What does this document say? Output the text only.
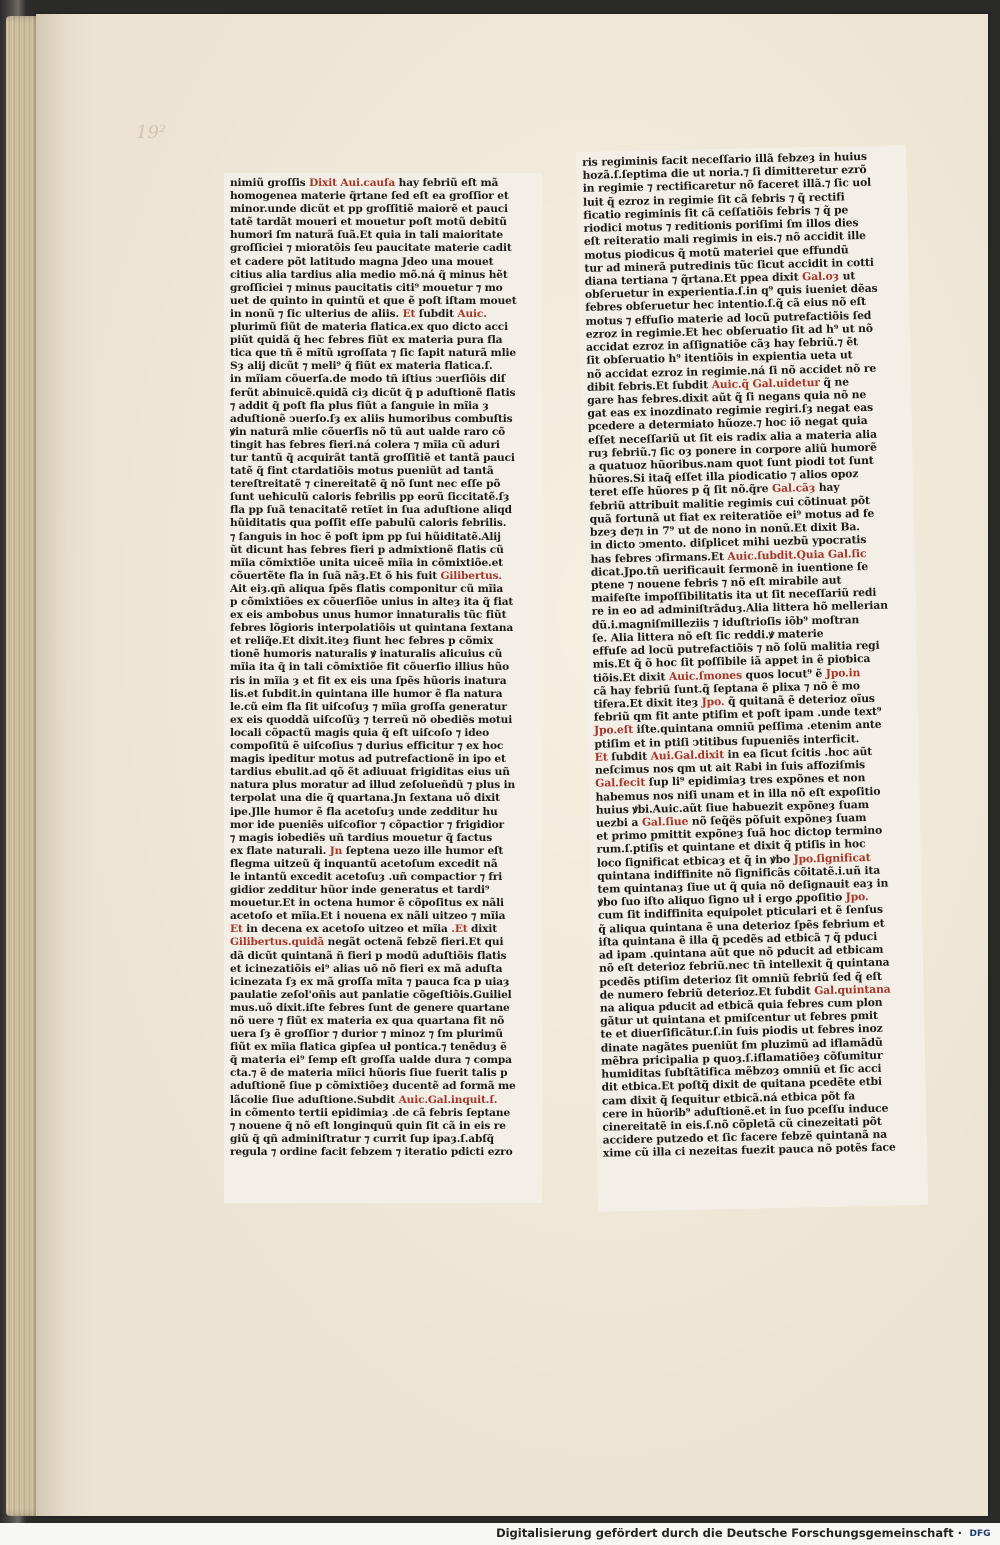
19²
nimiũ groſſis Dixit Aui.cauſa hay febriũ eſt mã
homogenea materie q̃rtane ſed eſt ea groſſior et
minor.unde dicũt et pp groſſitiẽ maiorẽ et pauci
tatẽ tardãt moueri et mouetur poſt motũ debitũ
humori ſm naturã ſuã.Et quia in tali maioritate
groſſiciei ⁊ mioratõis ſeu paucitate materie cadit
et cadere põt latitudo magna Jdeo una mouet
citius alia tardius alia medio mõ.ná q̃ minus hẽt
groſſiciei ⁊ minus paucitatis citi⁹ mouetur ⁊ mo
uet de quinto in quintũ et que ẽ poſt iſtam mouet
in nonũ ⁊ ſic ulterius de aliis. Et ſubdit Auic.
plurimũ fiũt de materia flatica.ex quo dicto acci
piũt quidã q̃ hec febres fiũt ex materia pura fla
tica que tñ ẽ mĩtũ ıgroſſata ⁊ ſic ſapit naturã mlie
Sȝ alij dicũt ⁊ meli⁹ q̃ fiũt ex materia flatica.ſ.
in mĩiam cõuerſa.de modo tñ iſtius ↄuerſiõis diſ
ferũt abinuicẽ.quidã ciȝ dicũt q̃ p aduſtionẽ flatis
⁊ addit q̃ poſt fla plus fiũt a ſanguie in mĩia ȝ
aduſtionẽ ↄuerſo.ſȝ ex aliis humoribus combuſtis
ꝟin naturã mlie cõuerſis nõ tũ aut ualde raro cõ
tingit has febres fieri.ná colera ⁊ mĩia cũ aduri
tur tantũ q̃ acquirãt tantã groſſitiẽ et tantã pauci
tatẽ q̃ fint ctardatiõis motus pueniũt ad tantã
tereſtreitatẽ ⁊ cinereitatẽ q̃ nõ ſunt nec eſſe põ
ſunt ueħiculũ caloris febrilis pp eorũ ſiccitatẽ.ſȝ
fla pp ſuã tenacitatẽ retĩet in ſua aduſtione aliqd
hũiditatis qua poſſit eſſe pabulũ caloris febrilis.
⁊ ſanguis in hoc ẽ poſt ipm pp ſui hũiditatẽ.Alij
ũt dicunt has febres fieri p admixtionẽ flatis cũ
mĩia cõmixtiõe unita uiceẽ mĩia in cõmixtiõe.et
cõuertẽte fla in ſuã nãȝ.Et õ his fuit Gilibertus.
Ait eiȝ.qñ aliqua ſpẽs flatis componitur cũ mĩia
p cõmixtiões ex cõuerſiõe unius in alteȝ ita q̃ fiat
ex eis ambobus unus humor innaturalis tũc fiũt
febres lõgioris interpolatiõis ut quintana ſextana
et reliq̃e.Et dixit.iteȝ fiunt hec febres p cõmix
tionẽ humoris naturalis ꝟ inaturalis alicuius cũ
mĩia ita q̃ in tali cõmixtiõe fit cõuerſio illius hũo
ris in mĩia ȝ et fit ex eis una ſpẽs hũoris inatura
lis.et ſubdit.in quintana ille humor ẽ fla natura
le.cũ eim fla ſit uiſcoſuȝ ⁊ mĩia groſſa generatur
ex eis quoddã uiſcoſũȝ ⁊ terreũ nõ obediẽs motui
locali cõpactũ magis quia q̃ eſt uiſcoſo ⁊ ideo
compoſitũ ẽ uiſcoſius ⁊ durius efficitur ⁊ ex hoc
magis ipeditur motus ad putrefactionẽ in ipo et
tardius ebulit.ad qõ ẽt adiuuat frigiditas eius uñ
natura plus moratur ad illud zeſolueñdũ ⁊ plus in
terpolat una die q̃ quartana.Jn ſextana uõ dixit
ipe.Jlle humor ẽ fla acetoſuȝ unde zedditur hu
mor ide pueniẽs uiſcoſior ⁊ cõpactior ⁊ frigidior
⁊ magis iobediẽs uñ tardius mouetur q̃ factus
ex flate naturali. Jn ſeptena uezo ille humor eſt
flegma uitzeũ q̃ inquantũ acetoſum excedit nã
le intantũ excedit acetoſuȝ .uñ compactior ⁊ fri
gidior zedditur hũor inde generatus et tardi⁹
mouetur.Et in octena humor ẽ cõpoſitus ex nãli
acetoſo et mĩia.Et i nouena ex nãli uitzeo ⁊ mĩia
Et in decena ex acetoſo uitzeo et mĩia .Et dixit
Gilibertus.quidã negãt octenã febzẽ fieri.Et qui
dã dicũt quintanã ñ fieri p modũ aduſtiõis flatis
et icinezatiõis ei⁹ alias uõ nõ fieri ex mã aduſta
icinezata ſȝ ex mã groſſa mĩta ⁊ pauca fca p uiaȝ
paulatie zeſol'oñis aut panlatie cõgeſtiõis.Guiliel
mus.uõ dixit.iſte febres ſunt de genere quartane
nõ uere ⁊ fiũt ex materia ex qua quartana fit nõ
uera ſȝ ẽ groſſior ⁊ durior ⁊ minoz ⁊ ſm plurimũ
fiũt ex mĩia flatica gipſea uł pontica.⁊ tenẽduȝ ẽ
q̃ materia ei⁹ ſemp eſt groſſa ualde dura ⁊ compa
cta.⁊ ẽ de materia mĩici hũoris ſiue fuerit talis p
aduſtionẽ ſiue p cõmixtiõeȝ ducentẽ ad formã me
lãcolie ſiue aduſtione.Subdit Auic.Gal.inquit.ſ.
in cõmento tertii epidimiaȝ .de cã febris ſeptane
⁊ nouene q̃ nõ eſt longinquũ quin ſit cã in eis re
giũ q̃ qñ adminiſtratur ⁊ currit ſup ipaȝ.ſ.abſq̃
regula ⁊ ordine facit febzem ⁊ iteratio pdicti ezro
ris regiminis facit neceſſario illã febzeȝ in huius
hozã.ſ.ſeptima die ut noria.⁊ ſi dimitteretur ezrõ
in regimie ⁊ rectificaretur nõ faceret illã.⁊ ſic uol
luit q̃ ezroz in regimie ſit cã febris ⁊ q̃ rectifi
ficatio regiminis ſit cã ceſſatiõis febris ⁊ q̃ pe
riodici motus ⁊ reditionis poriſimi ſm illos dies
eſt reiteratio mali regimis in eis.⁊ nõ accidit ille
motus piodicus q̃ motũ materiei que effundũ
tur ad minerã putredinis tũc ſicut accidit in cotti
diana tertiana ⁊ q̃rtana.Et ppea dixit Gal.oȝ ut
obſeruetur in experientia.ſ.in q⁹ quis iueniet dẽas
febres obſeruetur hec intentio.ſ.q̃ cã eius nõ eſt
motus ⁊ effuſio materie ad locũ putrefactiõis ſed
ezroz in regimie.Et hec obſeruatio ſit ad h⁹ ut nõ
accidat ezroz in aſſignatiõe cãȝ hay febriũ.⁊ ẽt
ſit obſeruatio h⁹ itentiõis in expientia ueta ut
nõ accidat ezroz in regimie.ná ſi nõ accidet nõ re
dibit febris.Et ſubdit Auic.q̃ Gal.uidetur q̃ ne
gare has febres.dixit aũt q̃ ſi negans quia nõ ne
gat eas ex inozdinato regimie regiri.ſȝ negat eas
pcedere a determiato hũoze.⁊ hoc iõ negat quia
eſſet neceſſariũ ut ſit eis radix alia a materia alia
ruȝ febriũ.⁊ ſic oȝ ponere in corpore aliũ humorẽ
a quatuoz hũoribus.nam quot ſunt piodi tot ſunt
hũores.Si itaq̃ eſſet illa piodicatio ⁊ alios opoz
teret eſſe hũores p q̃ ſit nõ.q̃re Gal.cãȝ hay
febriũ attribuit malitie regimis cui cõtinuat põt
quã fortunã ut fiat ex reiteratiõe ei⁹ motus ad fe
bzeȝ de⁊ı in 7⁹ ut de nono in nonũ.Et dixit Ba.
in dicto ↄmento. diſplicet mihi uezbũ ypocratis
has febres ↄfirmans.Et Auic.ſubdit.Quia Gal.ſic
dicat.Jpo.tñ uerificauit ſermonẽ in iuentione ſe
ptene ⁊ nouene febris ⁊ nõ eſt mirabile aut
maifeſte impoſſibilitatis ita ut ſit neceſſariũ redi
re in eo ad adminiſtrãduȝ.Alia littera hõ mellerian
dũ.i.magniſmilleziis ⁊ iduſtrioſis iõb⁹ moſtran
ſe. Alia littera nõ eſt ſic reddi.ꝟ materie
effuſe ad locũ putrefactiõis ⁊ nõ ſolũ malitia regi
mis.Et q̃ õ hoc ſit poſſibile iã appet in ẽ pioƅica
tiõis.Et dixit Auic.ſmones quos locut⁹ ẽ Jpo.in
cã hay febriũ ſunt.q̃ ſeptana ẽ plixa ⁊ nõ ẽ mo
tifera.Et dixit iteȝ Jpo. q̃ quitanã ẽ deterioz oĩus
febriũ qm fit ante ptiſim et poſt ipam .unde text⁹
Jpo.eſt iſte.quintana omniũ peſſima .etenim ante
ptiſim et in ptiſi ↄtitibus ſupueniẽs interficit.
Et ſubdit Aui.Gal.dixit in ea ſicut ſcitis .hoc aũt
neſcimus nos qm ut ait Rabi in ſuis affoziſmis
Gal.fecit ſup li⁹ epidimiaȝ tres expõnes et non
habemus nos niſi unam et in illa nõ eſt expoſitio
huius ꝟbi.Auic.aũt ſiue habuezit expõneȝ ſuam
uezbi a Gal.ſiue nõ ſeq̃ës põſuit expõneȝ ſuam
et primo pmittit expõneȝ ſuã hoc dictop termino
rum.ſ.ptiſis et quintane et dixit q̃ ptiſis in hoc
loco ſignificat etbicaȝ et q̃ in ꝟbo Jpo.ſignificat
quintana indiffinite nõ ſignificãs cõitatẽ.i.uñ ita
tem quintanaȝ ſiue ut q̃ quia nõ deſignauit eaȝ in
ꝟbo ſuo iſto aliquo ſigno uł i ergo ꝓpoſitio Jpo.
cum ſit indiffinita equipolet pticulari et ẽ ſenſus
q̃ aliqua quintana ẽ una deterioz ſpẽs febrium et
iſta quintana ẽ illa q̃ pcedẽs ad etbicã ⁊ q̃ pduci
ad ipam .quintana aũt que nõ pducit ad etbicam
nõ eſt deterioz febriũ.nec tñ intellexit q̃ quintana
pcedẽs ptiſim deterioz ſit omniũ febriũ ſed q̃ eſt
de numero febriũ deterioz.Et ſubdit Gal.quintana
na aliqua pducit ad etbicã quia febres cum plon
gãtur ut quintana et pmiſcentur ut febres pmit
te et diuerſificãtur.ſ.in ſuis piodis ut febres inoz
dinate nagãtes pueniũt ſm pluzimũ ad iflamãdũ
mẽbra pricipalia p quoȝ.ſ.iflamatiõeȝ cõſumitur
humiditas ſubſtãtifica mẽbzoȝ omniũ et ſic acci
dit etbica.Et poſtq̃ dixit de quitana pcedẽte etbi
cam dixit q̃ ſequitur etbicã.ná etbica põt fa
cere in hũorib⁹ aduſtionẽ.et in ſuo pceſſu induce
cinereitatẽ in eis.ſ.nõ cõpletã cũ cinezeitati põt
accidere putzedo et ſic facere febzẽ quintanã na
xime cũ illa ci nezeitas fuezit pauca nõ potẽs face
Digitalisierung gefördert durch die Deutsche Forschungsgemeinschaft · DFG
